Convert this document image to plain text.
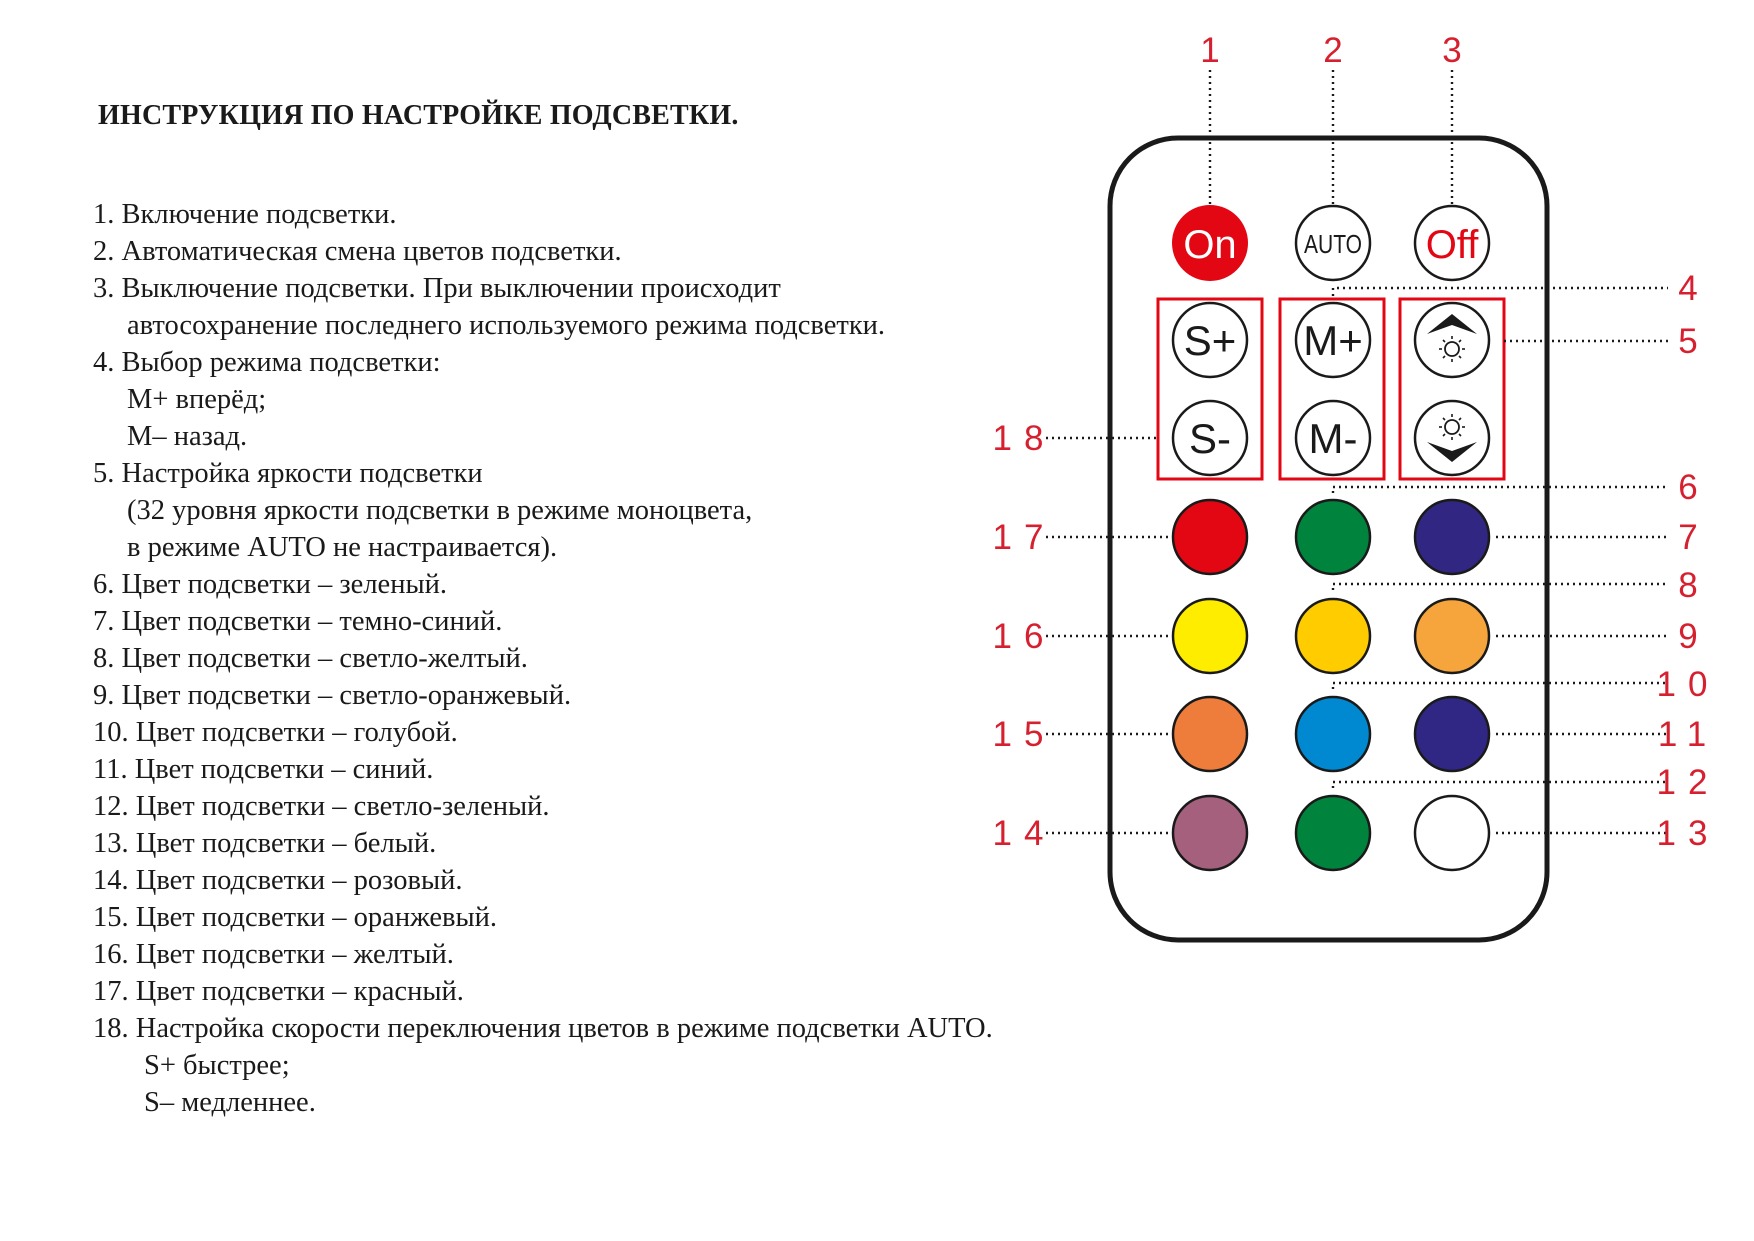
ИНСТРУКЦИЯ ПО НАСТРОЙКЕ ПОДСВЕТКИ.
1. Включение подсветки.
2. Автоматическая смена цветов подсветки.
3. Выключение подсветки. При выключении происходит
автосохранение последнего используемого режима подсветки.
4. Выбор режима подсветки:
М+ вперёд;
М– назад.
5. Настройка яркости подсветки
(32 уровня яркости подсветки в режиме моноцвета,
в режиме AUTO не настраивается).
6. Цвет подсветки – зеленый.
7. Цвет подсветки – темно-синий.
8. Цвет подсветки – светло-желтый.
9. Цвет подсветки – светло-оранжевый.
10. Цвет подсветки – голубой.
11. Цвет подсветки – синий.
12. Цвет подсветки – светло-зеленый.
13. Цвет подсветки – белый.
14. Цвет подсветки – розовый.
15. Цвет подсветки – оранжевый.
16. Цвет подсветки – желтый.
17. Цвет подсветки – красный.
18. Настройка скорости переключения цветов в режиме подсветки AUTO.
S+ быстрее;
S– медленнее.
On	AUTO Off
S+
S-
M+
M-
1	2	3
4
5
6
7
8
9
10
11
12
13
14
15
16
17
18
